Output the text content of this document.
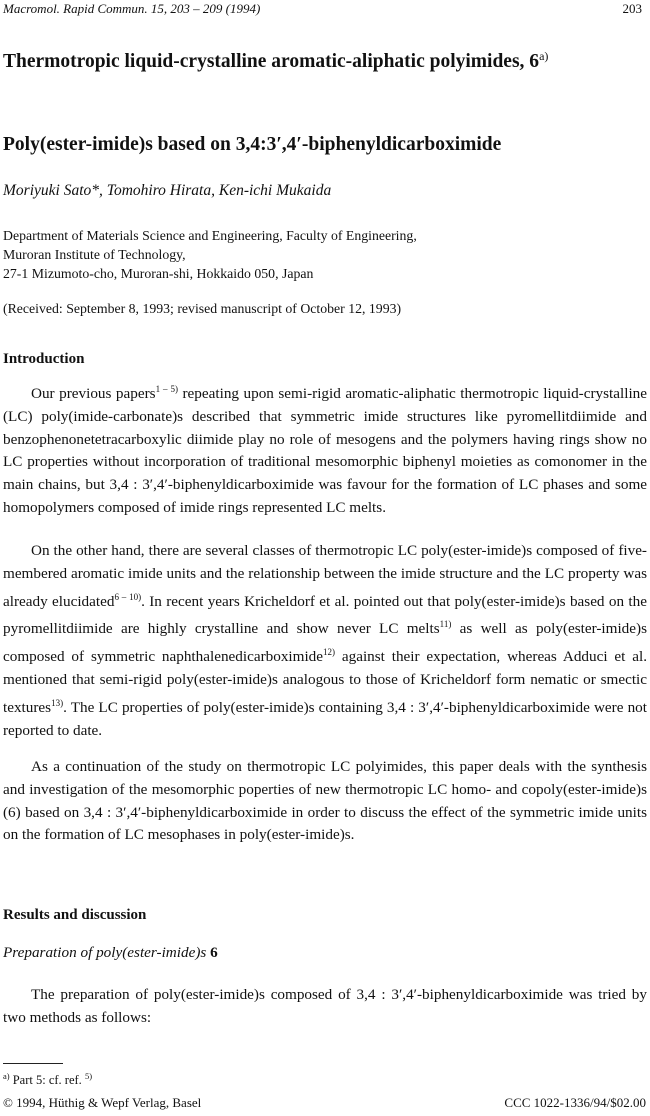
Macromol. Rapid Commun. 15, 203 – 209 (1994)	203
Thermotropic liquid-crystalline aromatic-aliphatic polyimides, 6$^{a)}$
Poly(ester-imide)s based on 3,4:3′,4′-biphenyldicarboximide
Moriyuki Sato*, Tomohiro Hirata, Ken-ichi Mukaida
Department of Materials Science and Engineering, Faculty of Engineering,
Muroran Institute of Technology,
27-1 Mizumoto-cho, Muroran-shi, Hokkaido 050, Japan
(Received: September 8, 1993; revised manuscript of October 12, 1993)
Introduction

Our previous papers$^{1 - 5)}$ repeating upon semi-rigid aromatic-aliphatic thermotropic liquid-crystalline (LC) poly(imide-carbonate)s described that symmetric imide structures like pyromellitdiimide and benzophenonetetracarboxylic diimide play no role of mesogens and the polymers having rings show no LC properties without incorporation of traditional mesomorphic biphenyl moieties as comonomer in the main chains, but 3,4 : 3′,4′-biphenyldicarboximide was favour for the formation of LC phases and some homopolymers composed of imide rings represented LC melts.

On the other hand, there are several classes of thermotropic LC poly(ester-imide)s composed of five-membered aromatic imide units and the relationship between the imide structure and the LC property was already elucidated$^{6 - 10)}$. In recent years Kricheldorf et al. pointed out that poly(ester-imide)s based on the pyromellitdiimide are highly crystalline and show never LC melts$^{11)}$ as well as poly(ester-imide)s composed of symmetric naphthalenedicarboximide$^{12)}$ against their expectation, whereas Adduci et al. mentioned that semi-rigid poly(ester-imide)s analogous to those of Kricheldorf form nematic or smectic textures$^{13)}$. The LC properties of poly(ester-imide)s containing 3,4 : 3′,4′-biphenyldicarboximide were not reported to date.

As a continuation of the study on thermotropic LC polyimides, this paper deals with the synthesis and investigation of the mesomorphic poperties of new thermotropic LC homo- and copoly(ester-imide)s (6) based on 3,4 : 3′,4′-biphenyldicarboximide in order to discuss the effect of the symmetric imide units on the formation of LC mesophases in poly(ester-imide)s.

Results and discussion
Preparation of poly(ester-imide)s 6

The preparation of poly(ester-imide)s composed of 3,4 : 3′,4′-biphenyldicarboximide was tried by two methods as follows:

$^{a)}$ Part 5: cf. ref. $^{5)}$
© 1994, Hüthig & Wepf Verlag, Basel	CCC 1022-1336/94/$02.00
